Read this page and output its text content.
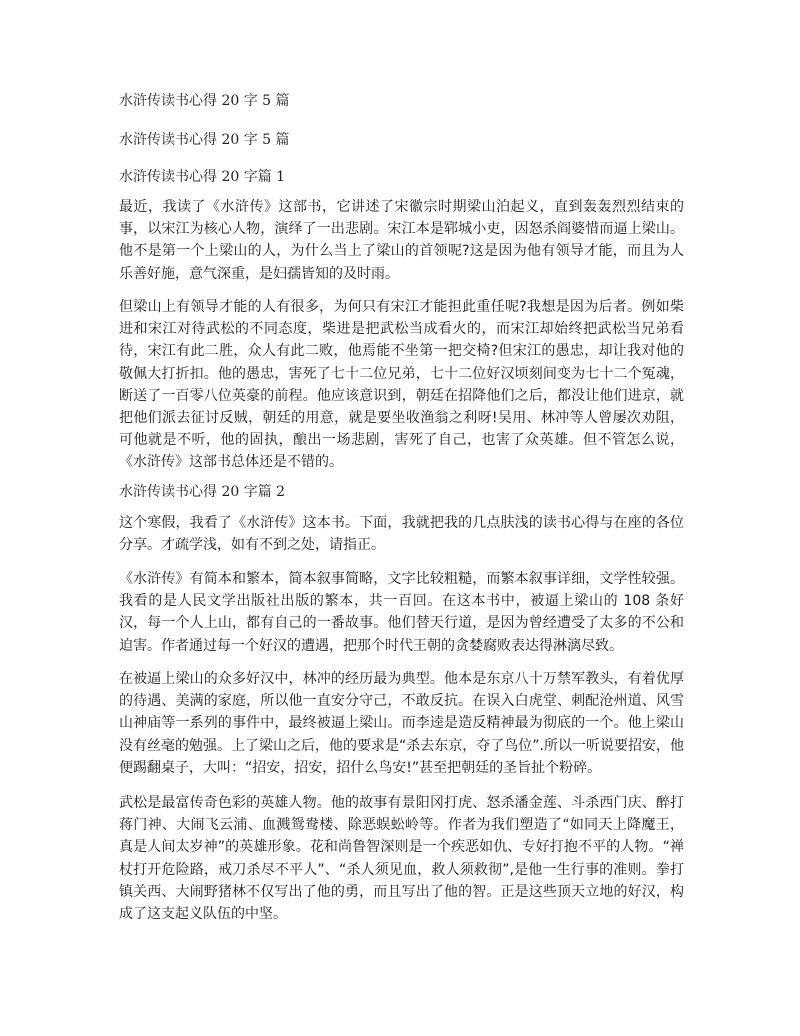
水浒传读书心得 20 字 5 篇
水浒传读书心得 20 字 5 篇
水浒传读书心得 20 字篇 1

最近，我读了《水浒传》这部书，它讲述了宋徽宗时期梁山泊起义，直到轰轰烈烈结束的事，以宋江为核心人物，演绎了一出悲剧。宋江本是郓城小吏，因怒杀阎婆惜而逼上梁山。他不是第一个上梁山的人，为什么当上了梁山的首领呢?这是因为他有领导才能，而且为人乐善好施，意气深重，是妇孺皆知的及时雨。

但梁山上有领导才能的人有很多，为何只有宋江才能担此重任呢?我想是因为后者。例如柴进和宋江对待武松的不同态度，柴进是把武松当成看火的，而宋江却始终把武松当兄弟看待，宋江有此二胜，众人有此二败，他焉能不坐第一把交椅?但宋江的愚忠，却让我对他的敬佩大打折扣。他的愚忠，害死了七十二位兄弟，七十二位好汉顷刻间变为七十二个冤魂，断送了一百零八位英豪的前程。他应该意识到，朝廷在招降他们之后，都没让他们进京，就把他们派去征讨反贼，朝廷的用意，就是要坐收渔翁之利呀!吴用、林冲等人曾屡次劝阻，可他就是不听，他的固执，酿出一场悲剧，害死了自己，也害了众英雄。但不管怎么说，《水浒传》这部书总体还是不错的。

水浒传读书心得 20 字篇 2

这个寒假，我看了《水浒传》这本书。下面，我就把我的几点肤浅的读书心得与在座的各位分享。才疏学浅，如有不到之处，请指正。

《水浒传》有简本和繁本，简本叙事简略，文字比较粗糙，而繁本叙事详细，文学性较强。我看的是人民文学出版社出版的繁本，共一百回。在这本书中，被逼上梁山的 108 条好汉，每一个人上山，都有自己的一番故事。他们替天行道，是因为曾经遭受了太多的不公和迫害。作者通过每一个好汉的遭遇，把那个时代王朝的贪婪腐败表达得淋漓尽致。

在被逼上梁山的众多好汉中，林冲的经历最为典型。他本是东京八十万禁军教头，有着优厚的待遇、美满的家庭，所以他一直安分守己，不敢反抗。在误入白虎堂、刺配沧州道、风雪山神庙等一系列的事件中，最终被逼上梁山。而李逵是造反精神最为彻底的一个。他上梁山没有丝毫的勉强。上了梁山之后，他的要求是“杀去东京，夺了鸟位”.所以一听说要招安，他便踢翻桌子，大叫：“招安，招安，招什么鸟安!”甚至把朝廷的圣旨扯个粉碎。

武松是最富传奇色彩的英雄人物。他的故事有景阳冈打虎、怒杀潘金莲、斗杀西门庆、醉打蒋门神、大闹飞云浦、血溅鸳鸯楼、除恶蜈蚣岭等。作者为我们塑造了“如同天上降魔王，真是人间太岁神”的英雄形象。花和尚鲁智深则是一个疾恶如仇、专好打抱不平的人物。“禅杖打开危险路，戒刀杀尽不平人”、“杀人须见血，救人须救彻”,是他一生行事的准则。拳打镇关西、大闹野猪林不仅写出了他的勇，而且写出了他的智。正是这些顶天立地的好汉，构成了这支起义队伍的中坚。
